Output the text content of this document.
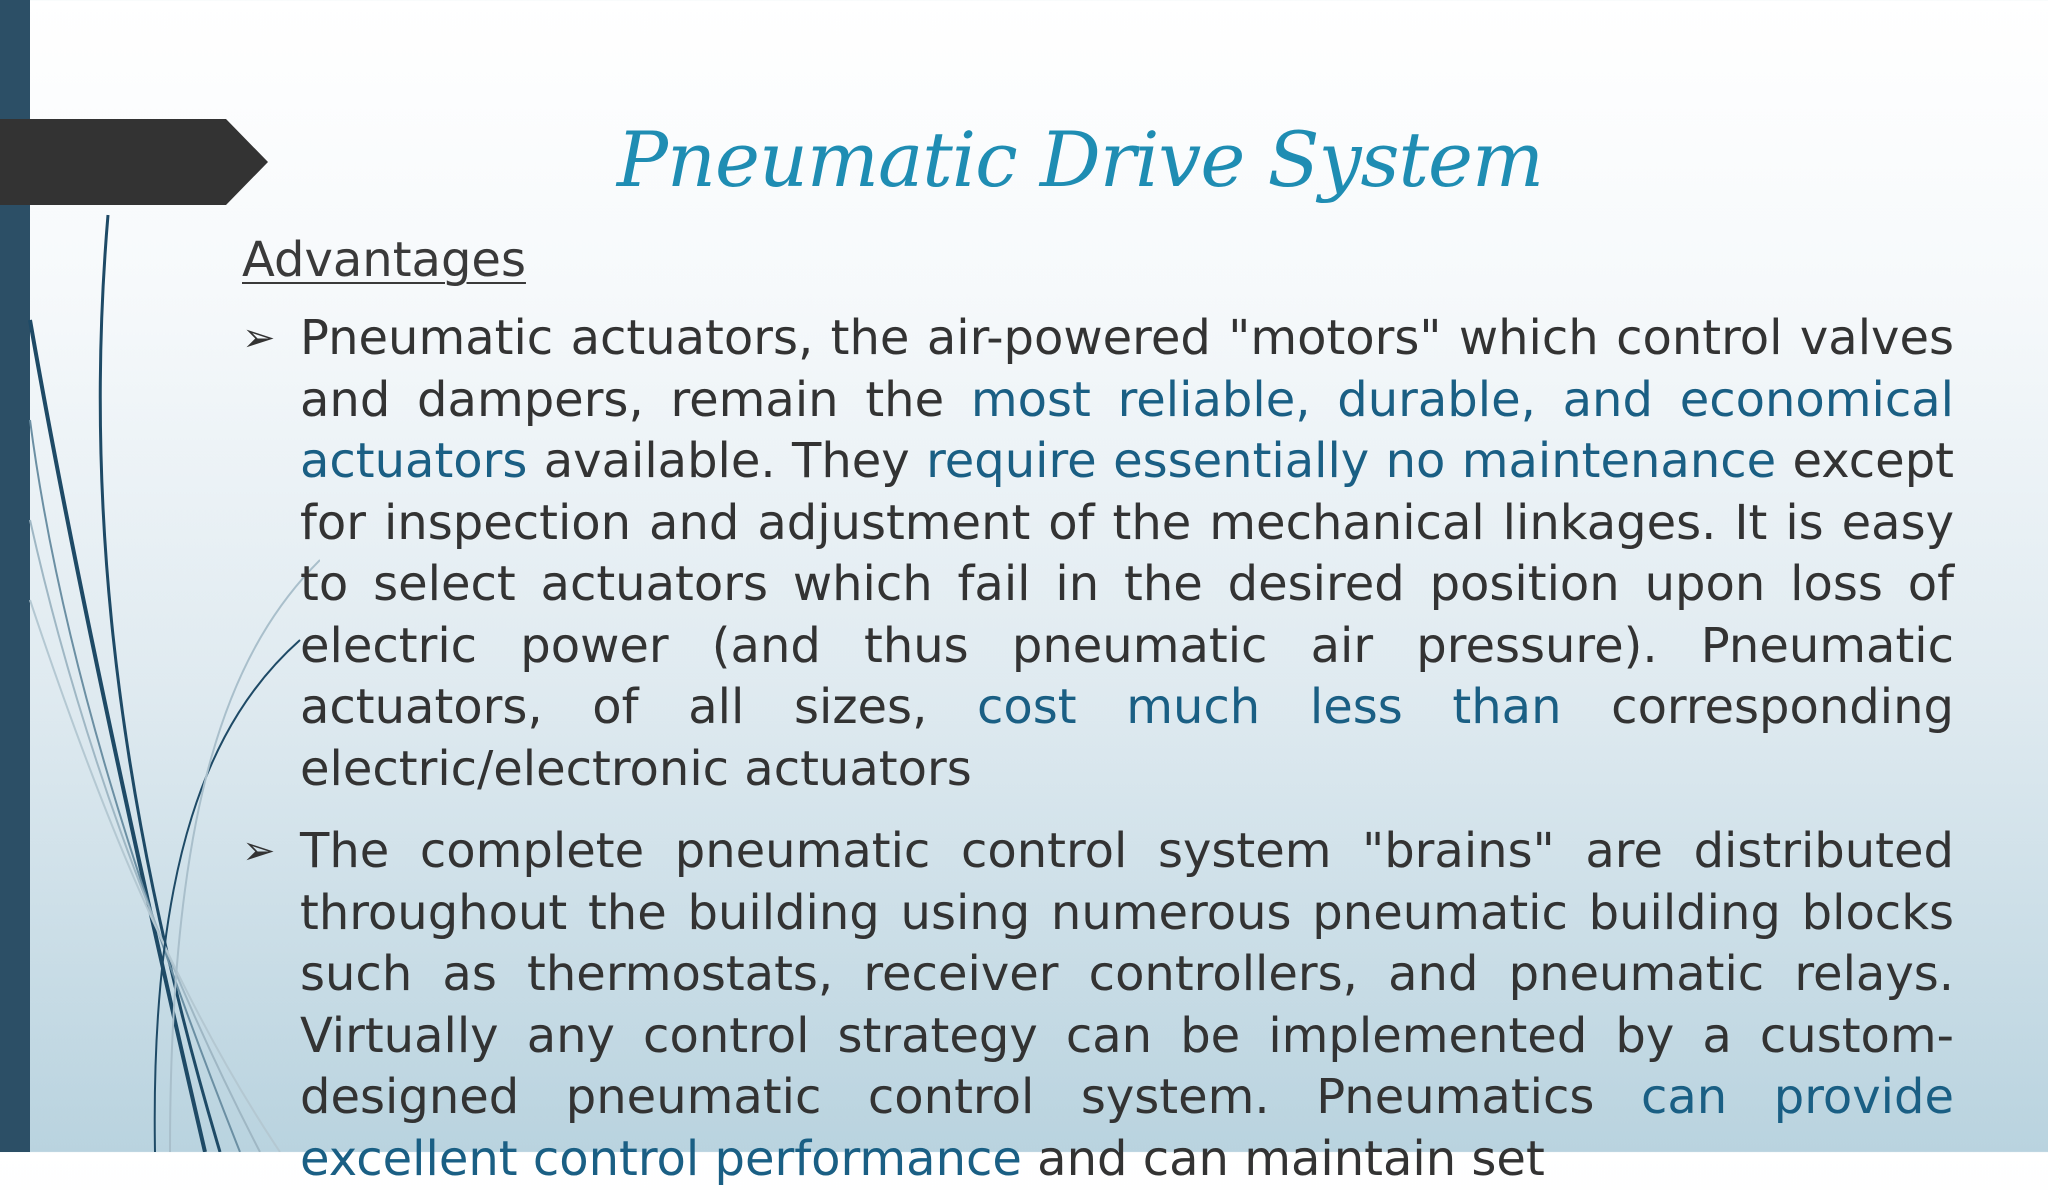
Pneumatic Drive System
Advantages
➢ Pneumatic actuators, the air-powered "motors" which control valves and dampers, remain the most reliable, durable, and economical actuators available. They require essentially no maintenance except for inspection and adjustment of the mechanical linkages. It is easy to select actuators which fail in the desired position upon loss of electric power (and thus pneumatic air pressure). Pneumatic actuators, of all sizes, cost much less than corresponding electric/electronic actuators
➢ The complete pneumatic control system "brains" are distributed throughout the building using numerous pneumatic building blocks such as thermostats, receiver controllers, and pneumatic relays. Virtually any control strategy can be implemented by a custom-designed pneumatic control system. Pneumatics can provide excellent control performance and can maintain set
